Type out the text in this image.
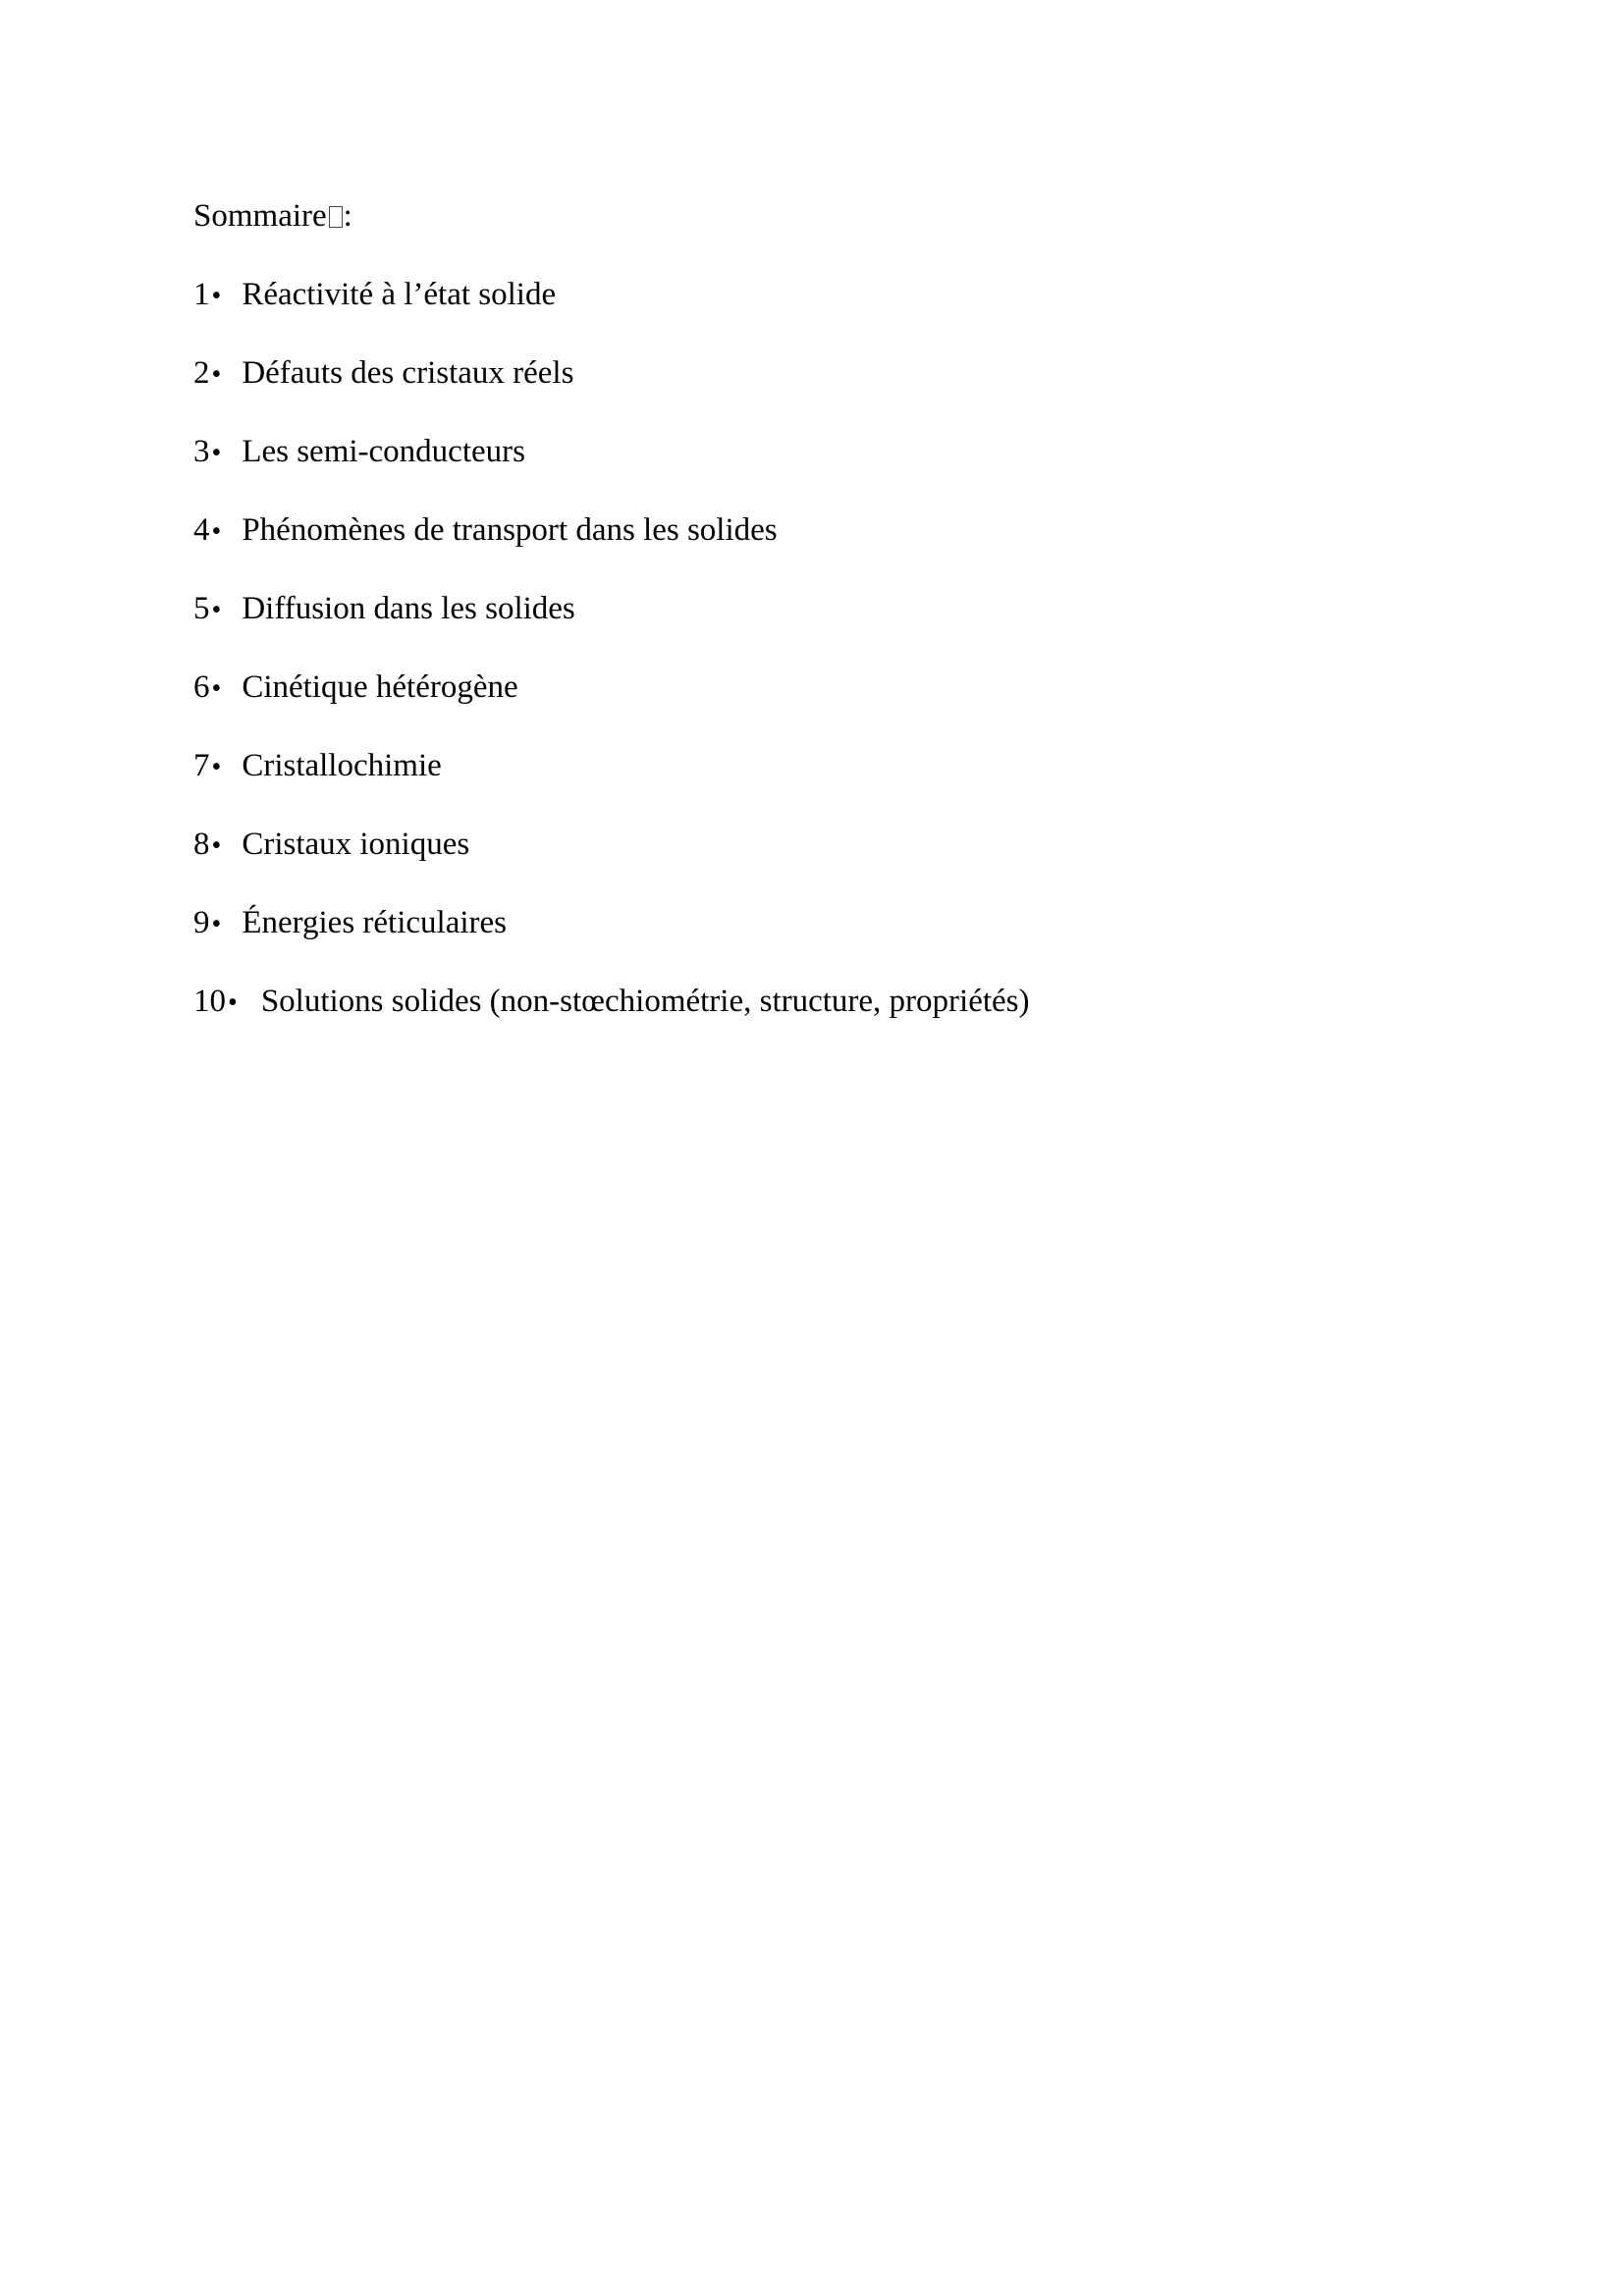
Sommaire :
1 • Réactivité à l’état solide
2 • Défauts des cristaux réels
3 • Les semi-conducteurs
4 • Phénomènes de transport dans les solides
5 • Diffusion dans les solides
6 • Cinétique hétérogène
7 • Cristallochimie
8 • Cristaux ioniques
9 • Énergies réticulaires
10 • Solutions solides (non-stœchiométrie, structure, propriétés)
